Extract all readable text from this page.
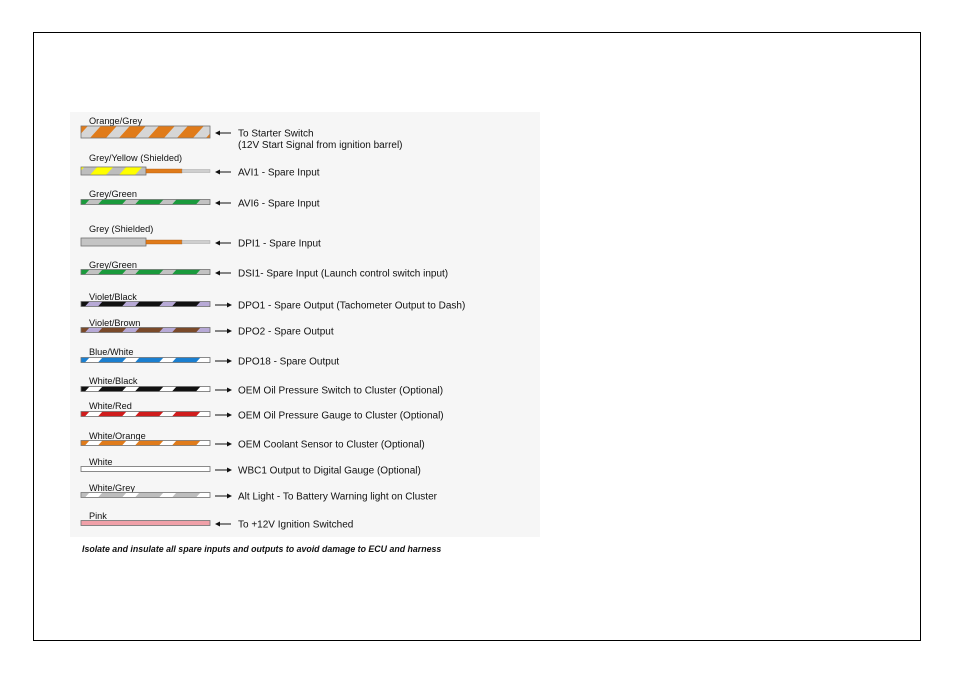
Orange/Grey
To Starter Switch
(12V Start Signal from ignition barrel)
Grey/Yellow (Shielded)
AVI1 - Spare Input
Grey/Green
AVI6 - Spare Input
Grey (Shielded)
DPI1 - Spare Input
Grey/Green
DSI1- Spare Input (Launch control switch input)
Violet/Black
DPO1 - Spare Output (Tachometer Output to Dash)
Violet/Brown
DPO2 - Spare Output
Blue/White
DPO18 - Spare Output
White/Black
OEM Oil Pressure Switch to Cluster (Optional)
White/Red
OEM Oil Pressure Gauge to Cluster (Optional)
White/Orange
OEM Coolant Sensor to Cluster (Optional)
White
WBC1 Output to Digital Gauge (Optional)
White/Grey
Alt Light - To Battery Warning light on Cluster
Pink
To +12V Ignition Switched
Isolate and insulate all spare inputs and outputs to avoid damage to ECU and harness
